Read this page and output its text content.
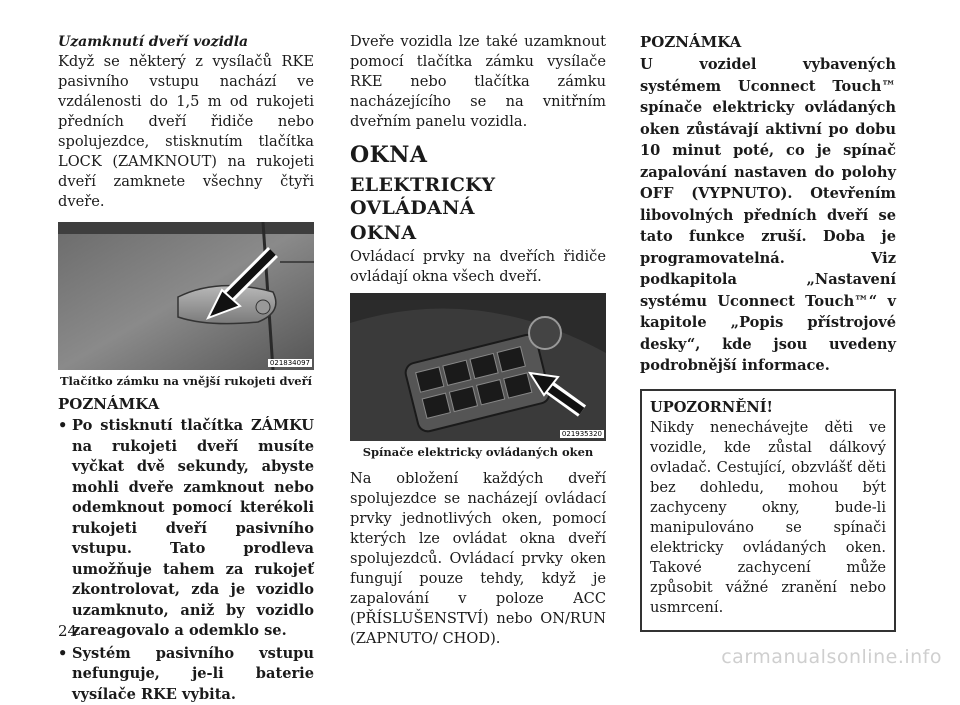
Uzamknutí dveří vozidla

Když se některý z vysílačů RKE pasivního vstupu nachází ve vzdálenosti do 1,5 m od rukojeti předních dveří řidiče nebo spolujezdce, stisknutím tlačítka LOCK (ZAMKNOUT) na rukojeti dveří zamknete všechny čtyři dveře.

021834097

Tlačítko zámku na vnější rukojeti dveří

POZNÁMKA

• Po stisknutí tlačítka ZÁMKU na rukojeti dveří musíte vyčkat dvě sekundy, abyste mohli dveře zamknout nebo odemknout pomocí kterékoli rukojeti dveří pasivního vstupu. Tato prodleva umožňuje tahem za rukojeť zkontrolovat, zda je vozidlo uzamknuto, aniž by vozidlo zareagovalo a odemklo se.
• Systém pasivního vstupu nefunguje, je-li baterie vysílače RKE vybita.

Dveře vozidla lze také uzamknout pomocí tlačítka zámku vysílače RKE nebo tlačítka zámku nacházejícího se na vnitřním dveřním panelu vozidla.

OKNA
ELEKTRICKY OVLÁDANÁ
OKNA

Ovládací prvky na dveřích řidiče ovládají okna všech dveří.

021935320

Spínače elektricky ovládaných oken

Na obložení každých dveří spolujezdce se nacházejí ovládací prvky jednotlivých oken, pomocí kterých lze ovládat okna dveří spolujezdců. Ovládací prvky oken fungují pouze tehdy, když je zapalování v poloze ACC (PŘÍSLUŠENSTVÍ) nebo ON/RUN (ZAPNUTO/ CHOD).

POZNÁMKA

U vozidel vybavených systémem Uconnect Touch™ spínače elektricky ovládaných oken zůstávají aktivní po dobu 10 minut poté, co je spínač zapalování nastaven do polohy OFF (VYPNUTO). Otevřením libovolných předních dveří se tato funkce zruší. Doba je programovatelná. Viz podkapitola „Nastavení systému Uconnect Touch™“ v kapitole „Popis přístrojové desky“, kde jsou uvedeny podrobnější informace.

UPOZORNĚNÍ!

Nikdy nenechávejte děti ve vozidle, kde zůstal dálkový ovladač. Cestující, obzvlášť děti bez dohledu, mohou být zachyceny okny, bude-li manipulováno se spínači elektricky ovládaných oken. Takové zachycení může způsobit vážné zranění nebo usmrcení.

24
carmanualsonline.info
